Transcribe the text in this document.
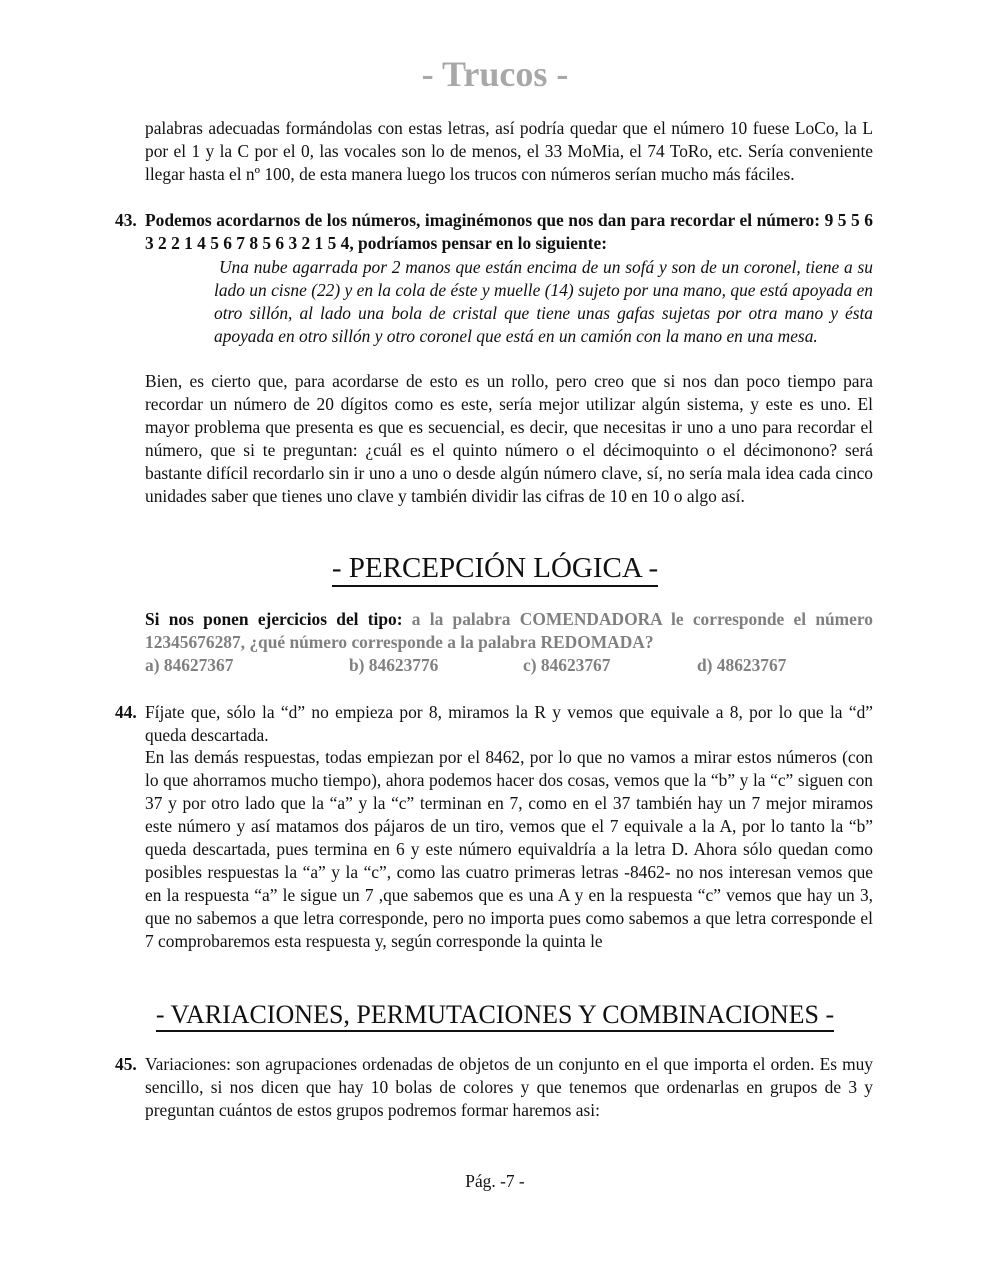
- Trucos -

palabras adecuadas formándolas con estas letras, así podría quedar que el número 10 fuese LoCo, la L por el 1 y la C por el 0, las vocales son lo de menos, el 33 MoMia, el 74 ToRo, etc. Sería conveniente llegar hasta el nº 100, de esta manera luego los trucos con números serían mucho más fáciles.

43. Podemos acordarnos de los números, imaginémonos que nos dan para recordar el número: 9 5 5 6 3 2 2 1 4 5 6 7 8 5 6 3 2 1 5 4, podríamos pensar en lo siguiente:

Una nube agarrada por 2 manos que están encima de un sofá y son de un coronel, tiene a su lado un cisne (22) y en la cola de éste y muelle (14) sujeto por una mano, que está apoyada en otro sillón, al lado una bola de cristal que tiene unas gafas sujetas por otra mano y ésta apoyada en otro sillón y otro coronel que está en un camión con la mano en una mesa.

Bien, es cierto que, para acordarse de esto es un rollo, pero creo que si nos dan poco tiempo para recordar un número de 20 dígitos como es este, sería mejor utilizar algún sistema, y este es uno. El mayor problema que presenta es que es secuencial, es decir, que necesitas ir uno a uno para recordar el número, que si te preguntan: ¿cuál es el quinto número o el décimoquinto o el décimonono? será bastante difícil recordarlo sin ir uno a uno o desde algún número clave, sí, no sería mala idea cada cinco unidades saber que tienes uno clave y también dividir las cifras de 10 en 10 o algo así.

- PERCEPCIÓN LÓGICA -

Si nos ponen ejercicios del tipo: a la palabra COMENDADORA le corresponde el número 12345676287, ¿qué número corresponde a la palabra REDOMADA?

a) 84627367	b) 84623776	c) 84623767	d) 48623767
44. Fíjate que, sólo la “d” no empieza por 8, miramos la R y vemos que equivale a 8, por lo que la “d” queda descartada.

En las demás respuestas, todas empiezan por el 8462, por lo que no vamos a mirar estos números (con lo que ahorramos mucho tiempo), ahora podemos hacer dos cosas, vemos que la “b” y la “c” siguen con 37 y por otro lado que la “a” y la “c” terminan en 7, como en el 37 también hay un 7 mejor miramos este número y así matamos dos pájaros de un tiro, vemos que el 7 equivale a la A, por lo tanto la “b” queda descartada, pues termina en 6 y este número equivaldría a la letra D. Ahora sólo quedan como posibles respuestas la “a” y la “c”, como las cuatro primeras letras -8462- no nos interesan vemos que en la respuesta “a” le sigue un 7 ,que sabemos que es una A y en la respuesta “c” vemos que hay un 3, que no sabemos a que letra corresponde, pero no importa pues como sabemos a que letra corresponde el 7 comprobaremos esta respuesta y, según corresponde la quinta le

- VARIACIONES, PERMUTACIONES Y COMBINACIONES -
45. Variaciones: son agrupaciones ordenadas de objetos de un conjunto en el que importa el orden. Es muy sencillo, si nos dicen que hay 10 bolas de colores y que tenemos que ordenarlas en grupos de 3 y preguntan cuántos de estos grupos podremos formar haremos asi:

Pág. -7 -
